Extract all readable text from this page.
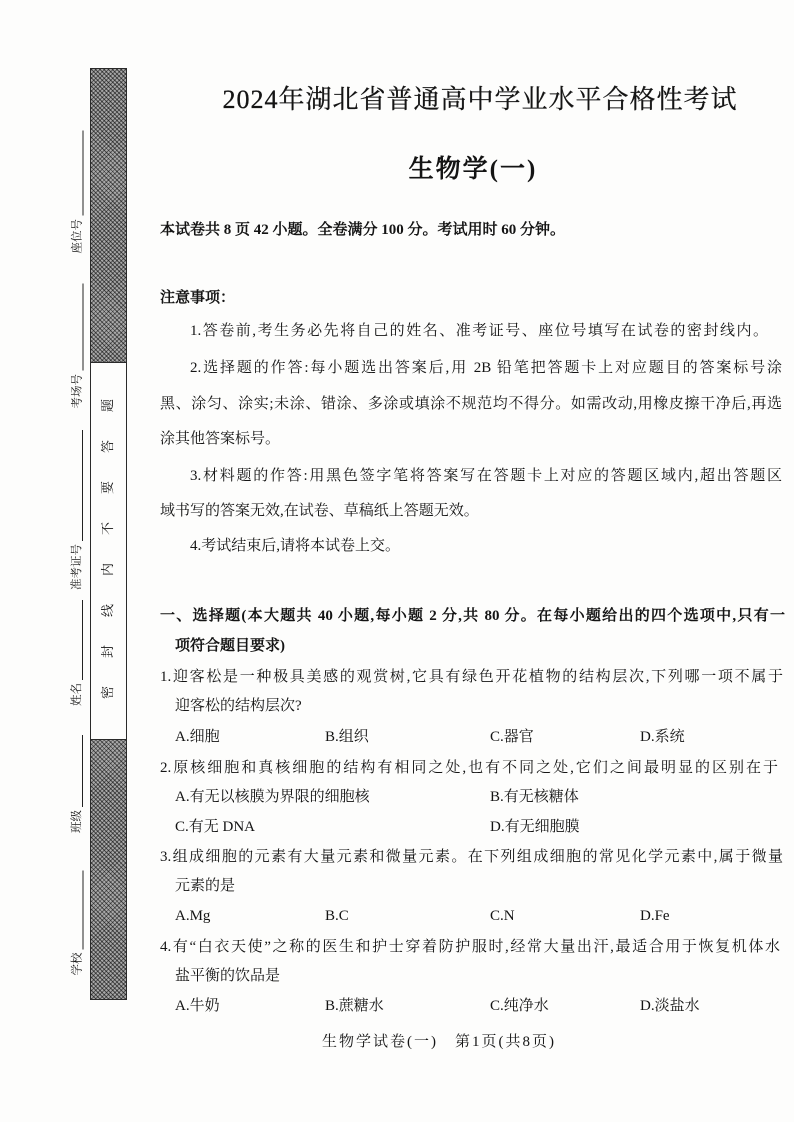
座位号
考场号
准考证号
姓名
班级
学校
密封线内不要答题
2024年湖北省普通高中学业水平合格性考试
生物学(一)
本试卷共 8 页 42 小题。全卷满分 100 分。考试用时 60 分钟。
注意事项：
1.答卷前,考生务必先将自己的姓名、准考证号、座位号填写在试卷的密封线内。
2.选择题的作答:每小题选出答案后,用 2B 铅笔把答题卡上对应题目的答案标号涂
黑、涂匀、涂实;未涂、错涂、多涂或填涂不规范均不得分。如需改动,用橡皮擦干净后,再选
涂其他答案标号。
3.材料题的作答:用黑色签字笔将答案写在答题卡上对应的答题区域内,超出答题区
域书写的答案无效,在试卷、草稿纸上答题无效。
4.考试结束后,请将本试卷上交。
一、选择题(本大题共 40 小题,每小题 2 分,共 80 分。在每小题给出的四个选项中,只有一
项符合题目要求)
1.迎客松是一种极具美感的观赏树,它具有绿色开花植物的结构层次,下列哪一项不属于
迎客松的结构层次?
A.细胞	B.组织	C.器官	D.系统
2.原核细胞和真核细胞的结构有相同之处,也有不同之处,它们之间最明显的区别在于
A.有无以核膜为界限的细胞核	B.有无核糖体
C.有无 DNA	D.有无细胞膜
3.组成细胞的元素有大量元素和微量元素。在下列组成细胞的常见化学元素中,属于微量
元素的是
A.Mg	B.C	C.N	D.Fe
4.有“白衣天使”之称的医生和护士穿着防护服时,经常大量出汗,最适合用于恢复机体水
盐平衡的饮品是
A.牛奶	B.蔗糖水	C.纯净水	D.淡盐水
生物学试卷(一)　第1页(共8页)
